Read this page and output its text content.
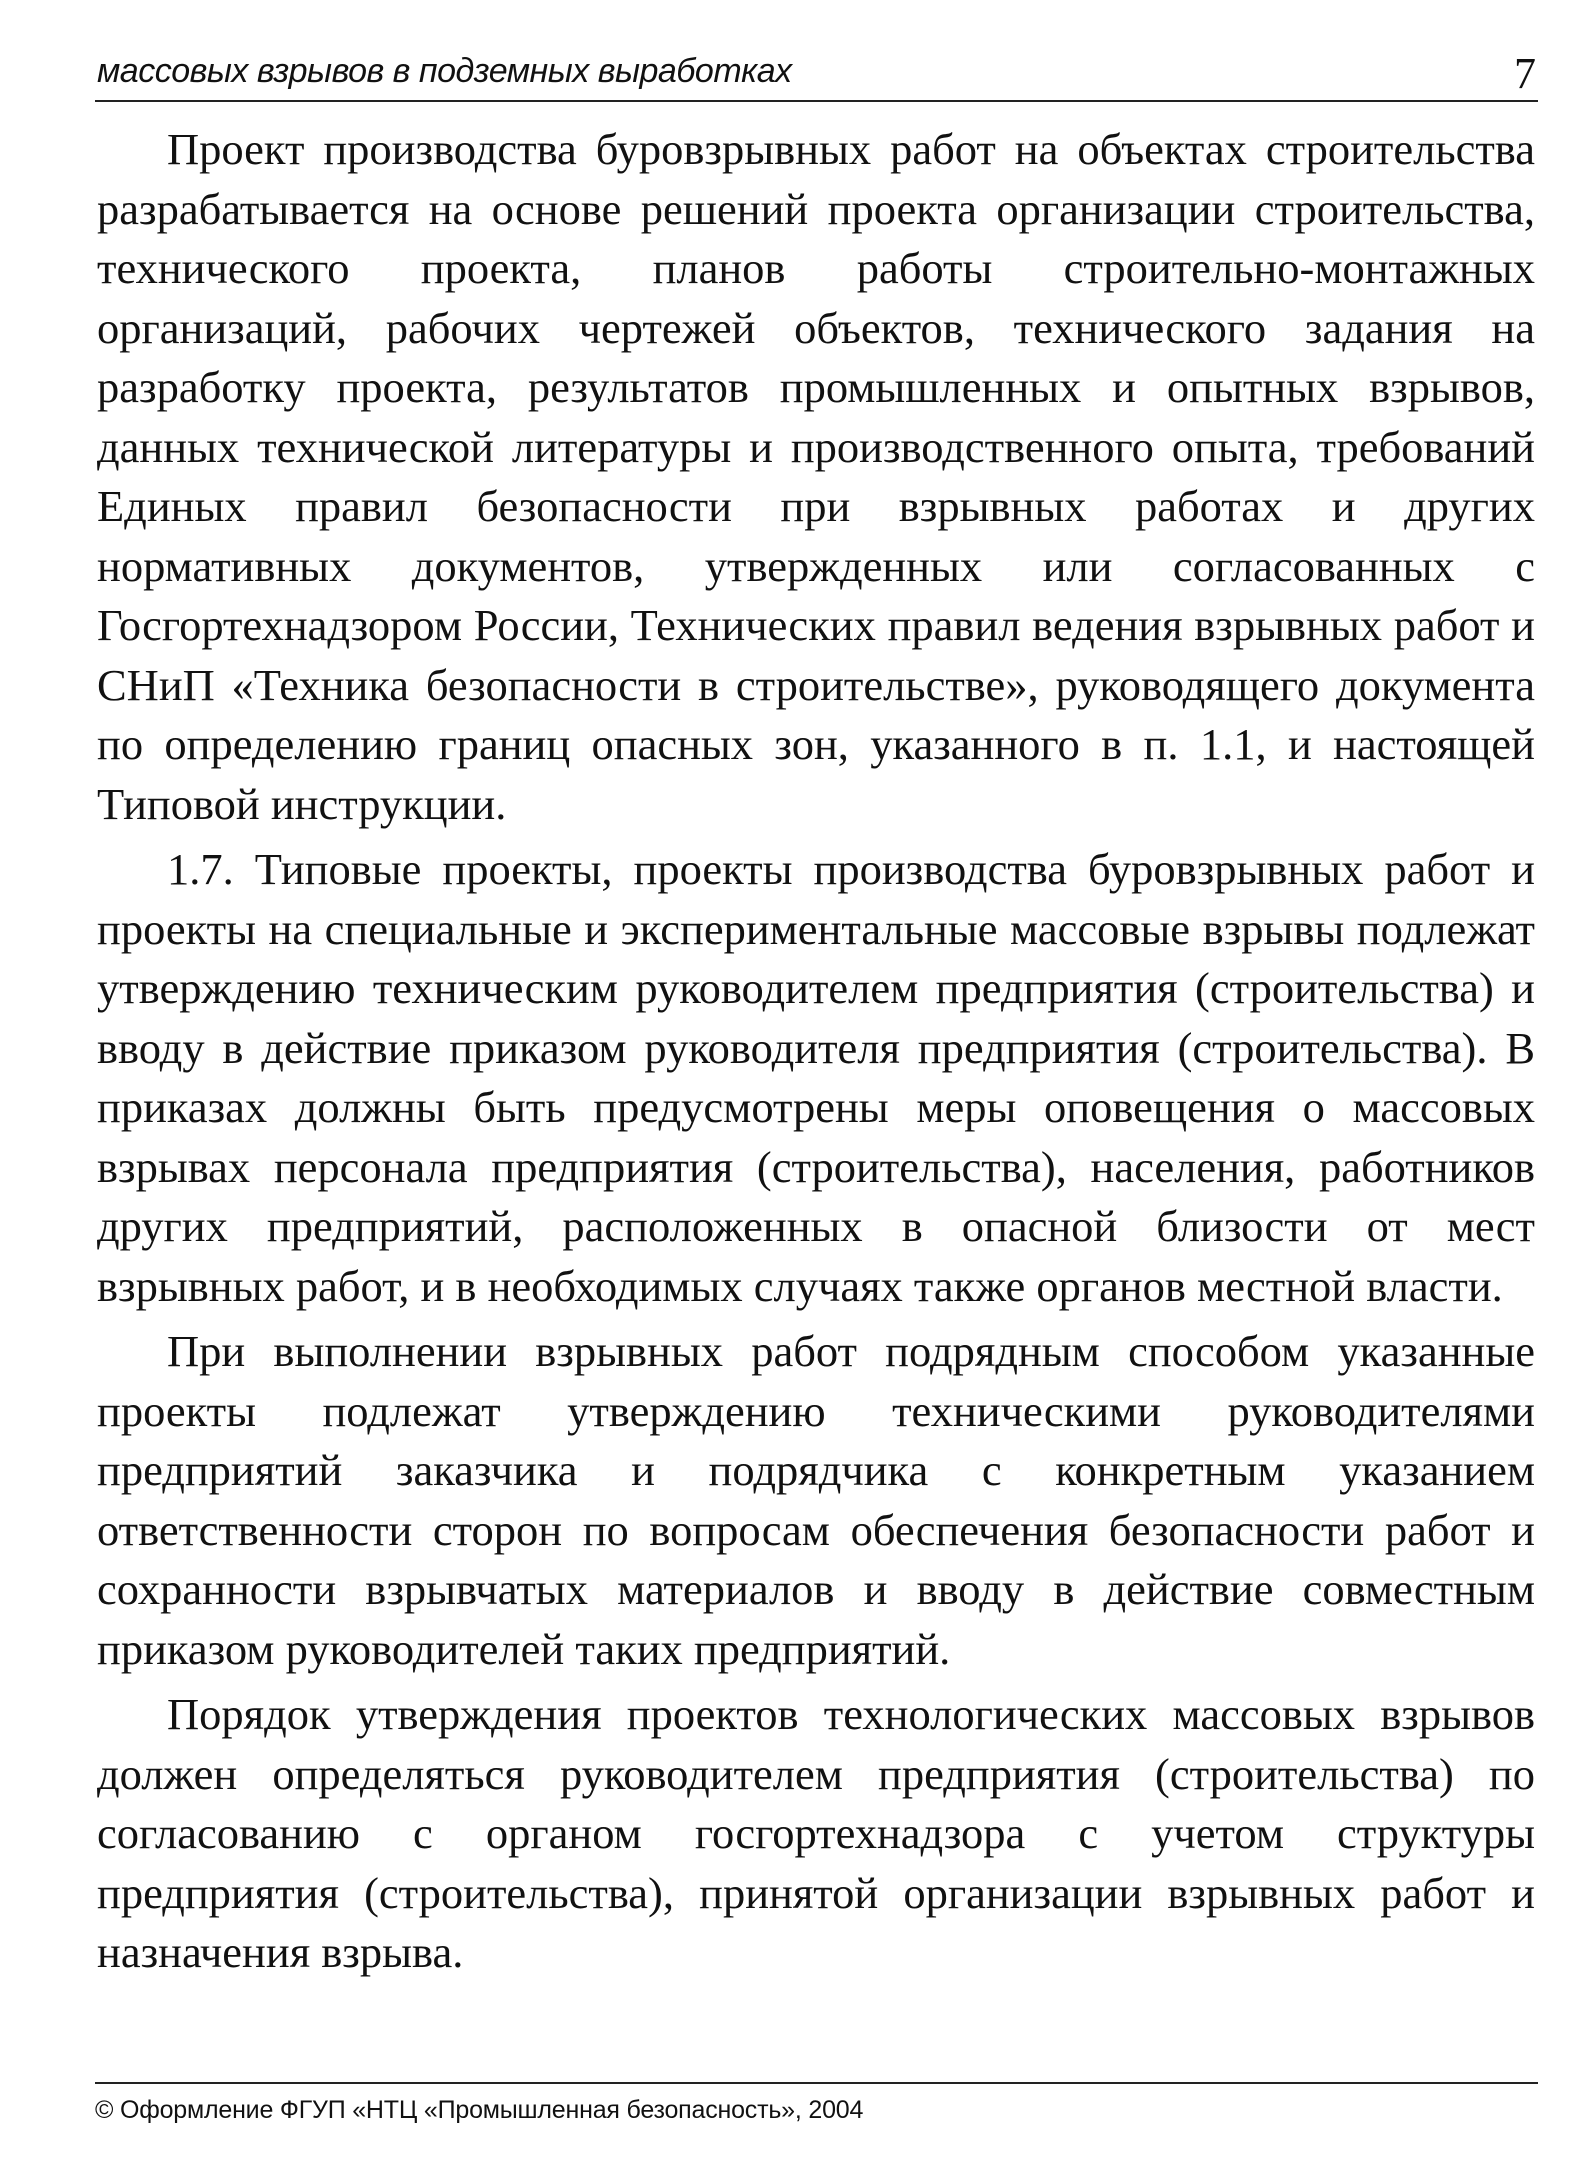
массовых взрывов в подземных выработках	7

Проект производства буровзрывных работ на объектах строительства разрабатывается на основе решений проекта организации строительства, технического проекта, планов работы строительно-монтажных организаций, рабочих чертежей объектов, технического задания на разработку проекта, результатов промышленных и опытных взрывов, данных технической литературы и производственного опыта, требований Единых правил безопасности при взрывных работах и других нормативных документов, утвержденных или согласованных с Госгортехнадзором России, Технических правил ведения взрывных работ и СНиП «Техника безопасности в строительстве», руководящего документа по определению границ опасных зон, указанного в п. 1.1, и настоящей Типовой инструкции.

1.7. Типовые проекты, проекты производства буровзрывных работ и проекты на специальные и экспериментальные массовые взрывы подлежат утверждению техническим руководителем предприятия (строительства) и вводу в действие приказом руководителя предприятия (строительства). В приказах должны быть предусмотрены меры оповещения о массовых взрывах персонала предприятия (строительства), населения, работников других предприятий, расположенных в опасной близости от мест взрывных работ, и в необходимых случаях также органов местной власти.

При выполнении взрывных работ подрядным способом указанные проекты подлежат утверждению техническими руководителями предприятий заказчика и подрядчика с конкретным указанием ответственности сторон по вопросам обеспечения безопасности работ и сохранности взрывчатых материалов и вводу в действие совместным приказом руководителей таких предприятий.

Порядок утверждения проектов технологических массовых взрывов должен определяться руководителем предприятия (строительства) по согласованию с органом госгортехнадзора с учетом структуры предприятия (строительства), принятой организации взрывных работ и назначения взрыва.

© Оформление ФГУП «НТЦ «Промышленная безопасность», 2004
